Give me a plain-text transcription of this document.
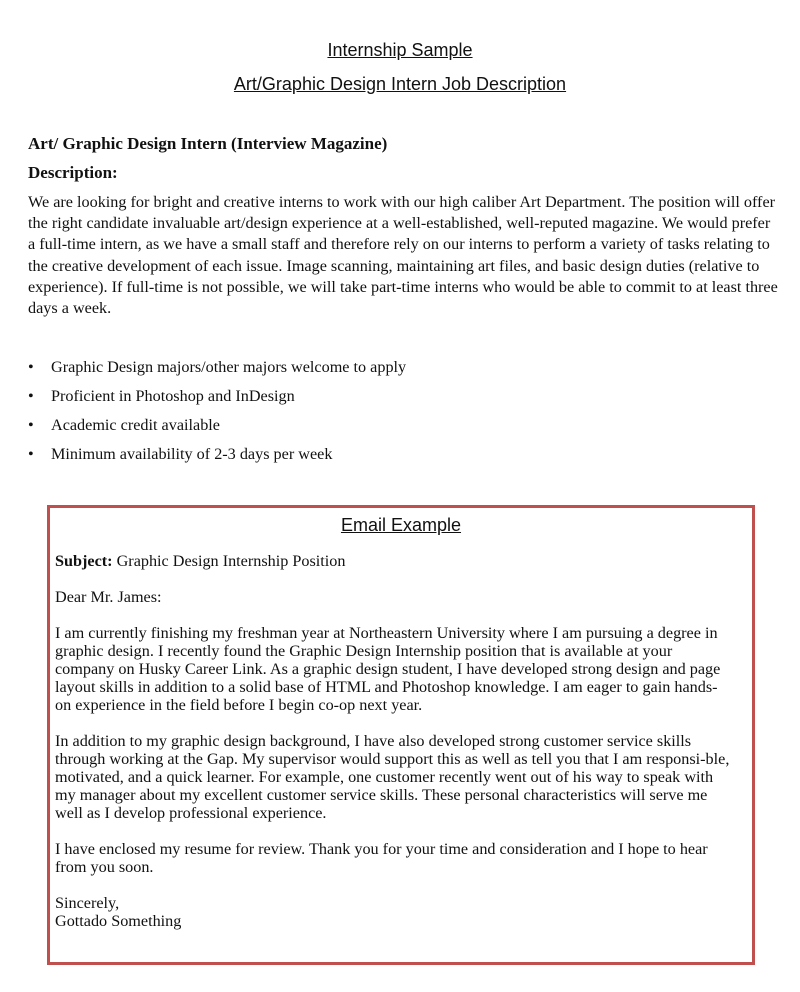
Internship Sample
Art/Graphic Design Intern Job Description
Art/ Graphic Design Intern (Interview Magazine)
Description:

We are looking for bright and creative interns to work with our high caliber Art Department. The position will offer the right candidate invaluable art/design experience at a well-established, well-reputed magazine. We would prefer a full-time intern, as we have a small staff and therefore rely on our interns to perform a variety of tasks relating to the creative development of each issue. Image scanning, maintaining art files, and basic design duties (relative to experience). If full-time is not possible, we will take part-time interns who would be able to commit to at least three days a week.

• Graphic Design majors/other majors welcome to apply
• Proficient in Photoshop and InDesign
• Academic credit available
• Minimum availability of 2-3 days per week
Email Example

Subject: Graphic Design Internship Position

Dear Mr. James:

I am currently finishing my freshman year at Northeastern University where I am pursuing a degree in graphic design. I recently found the Graphic Design Internship position that is available at your company on Husky Career Link. As a graphic design student, I have developed strong design and page layout skills in addition to a solid base of HTML and Photoshop knowledge. I am eager to gain hands- on experience in the field before I begin co-op next year.

In addition to my graphic design background, I have also developed strong customer service skills through working at the Gap. My supervisor would support this as well as tell you that I am responsi-ble, motivated, and a quick learner. For example, one customer recently went out of his way to speak with my manager about my excellent customer service skills. These personal characteristics will serve me well as I develop professional experience.

I have enclosed my resume for review. Thank you for your time and consideration and I hope to hear from you soon.

Sincerely,

Gottado Something
